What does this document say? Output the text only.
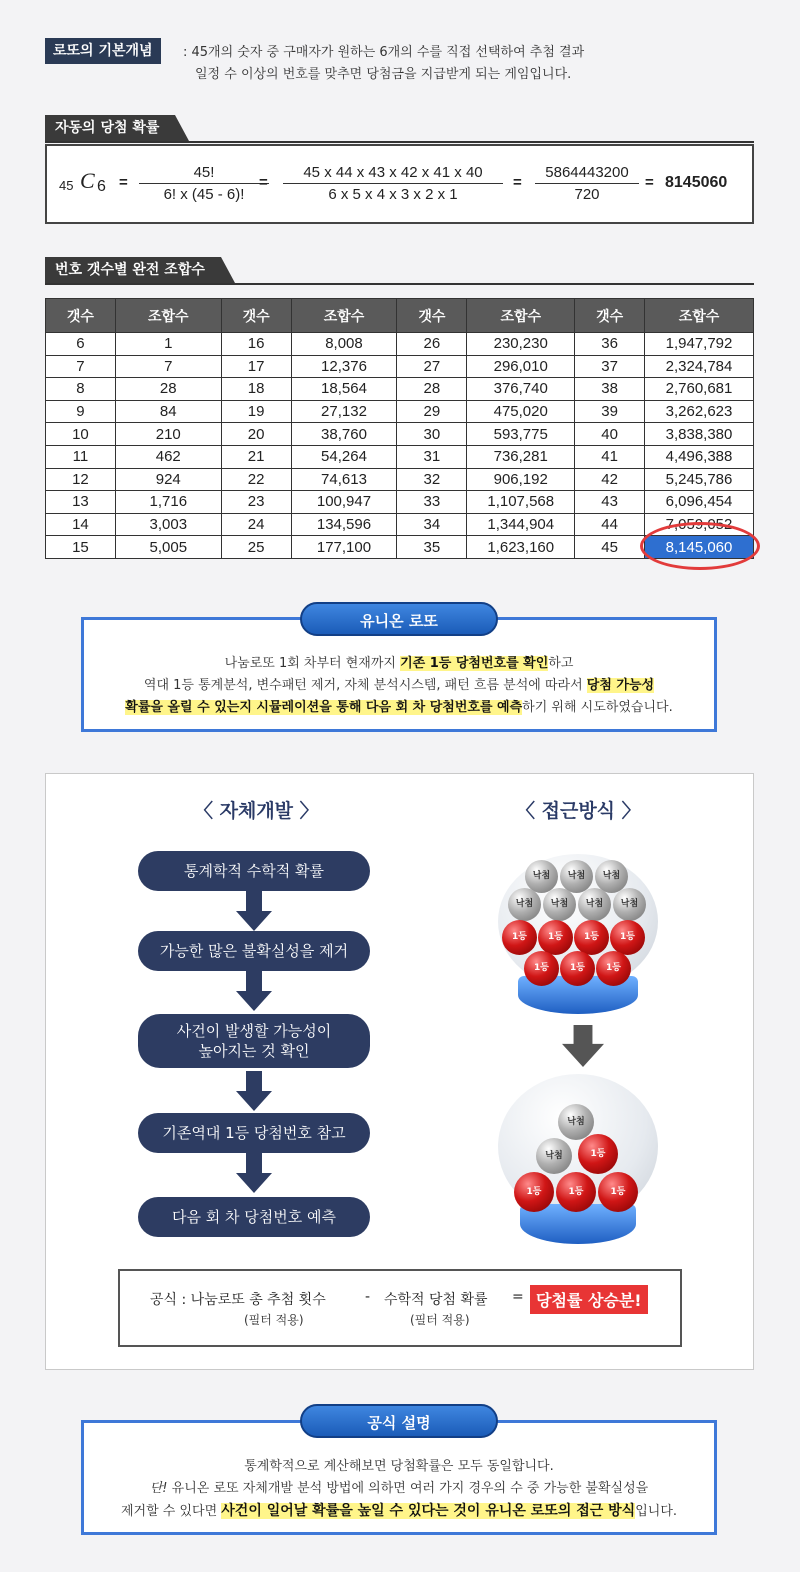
로또의 기본개념	: 45개의 숫자 중 구매자가 원하는 6개의 수를 직접 선택하여 추첨 결과
일정 수 이상의 번호를 맞추면 당첨금을 지급받게 되는 게임입니다.
자동의 당첨 확률
45 C $6 = \frac{45!}{6! x (45 - 6)!}$
= $\frac{45 x 44 x 43 x 42 x 41 x 40}{6 x 5 x 4 x 3 x 2 x 1} = \frac{5864443200}{720} = 8145060$
번호 갯수별 완전 조합수
갯수	조합수	갯수	조합수	갯수	조합수	갯수	조합수
6	1	16	8,008	26	230,230	36	1,947,792
7	7	17	12,376	27	296,010	37	2,324,784
8	28	18	18,564	28	376,740	38	2,760,681
9	84	19	27,132	29	475,020	39	3,262,623
10	210	20	38,760	30	593,775	40	3,838,380
11	462	21	54,264	31	736,281	41	4,496,388
12	924	22	74,613	32	906,192	42	5,245,786
13	1,716	23	100,947	33	1,107,568	43	6,096,454
14	3,003	24	134,596	34	1,344,904	44	7,059,052
15	5,005	25	177,100	35	1,623,160	45	8,145,060
나눔로또 1회 차부터 현재까지 기존 1등 당첨번호를 확인하고
역대 1등 통계분석, 변수패턴 제거, 자체 분석시스템, 패턴 흐름 분석에 따라서 당첨 가능성
확률을 올릴 수 있는지 시뮬레이션을 통해 다음 회 차 당첨번호를 예측하기 위해 시도하였습니다.
유니온 로또
〈 자체개발 〉	〈 접근방식 〉
통계학적 수학적 확률
가능한 많은 불확실성을 제거
사건이 발생할 가능성이
높아지는 것 확인
기존역대 1등 당첨번호 참고
다음 회 차 당첨번호 예측
낙첨	낙첨	낙첨
낙첨	낙첨	낙첨	낙첨
1등	1등	1등	1등
1등	1등	1등
낙첨
낙첨	1등
1등	1등	1등
공식 : 나눔로또 총 추첨 횟수	- 수학적 당첨 확률 =
(필터 적용)	(필터 적용)
당첨률 상승분!
통계학적으로 계산해보면 당첨확률은 모두 동일합니다.
단! 유니온 로또 자체개발 분석 방법에 의하면 여러 가지 경우의 수 중 가능한 불확실성을
제거할 수 있다면 사건이 일어날 확률을 높일 수 있다는 것이 유니온 로또의 접근 방식입니다.
공식 설명
